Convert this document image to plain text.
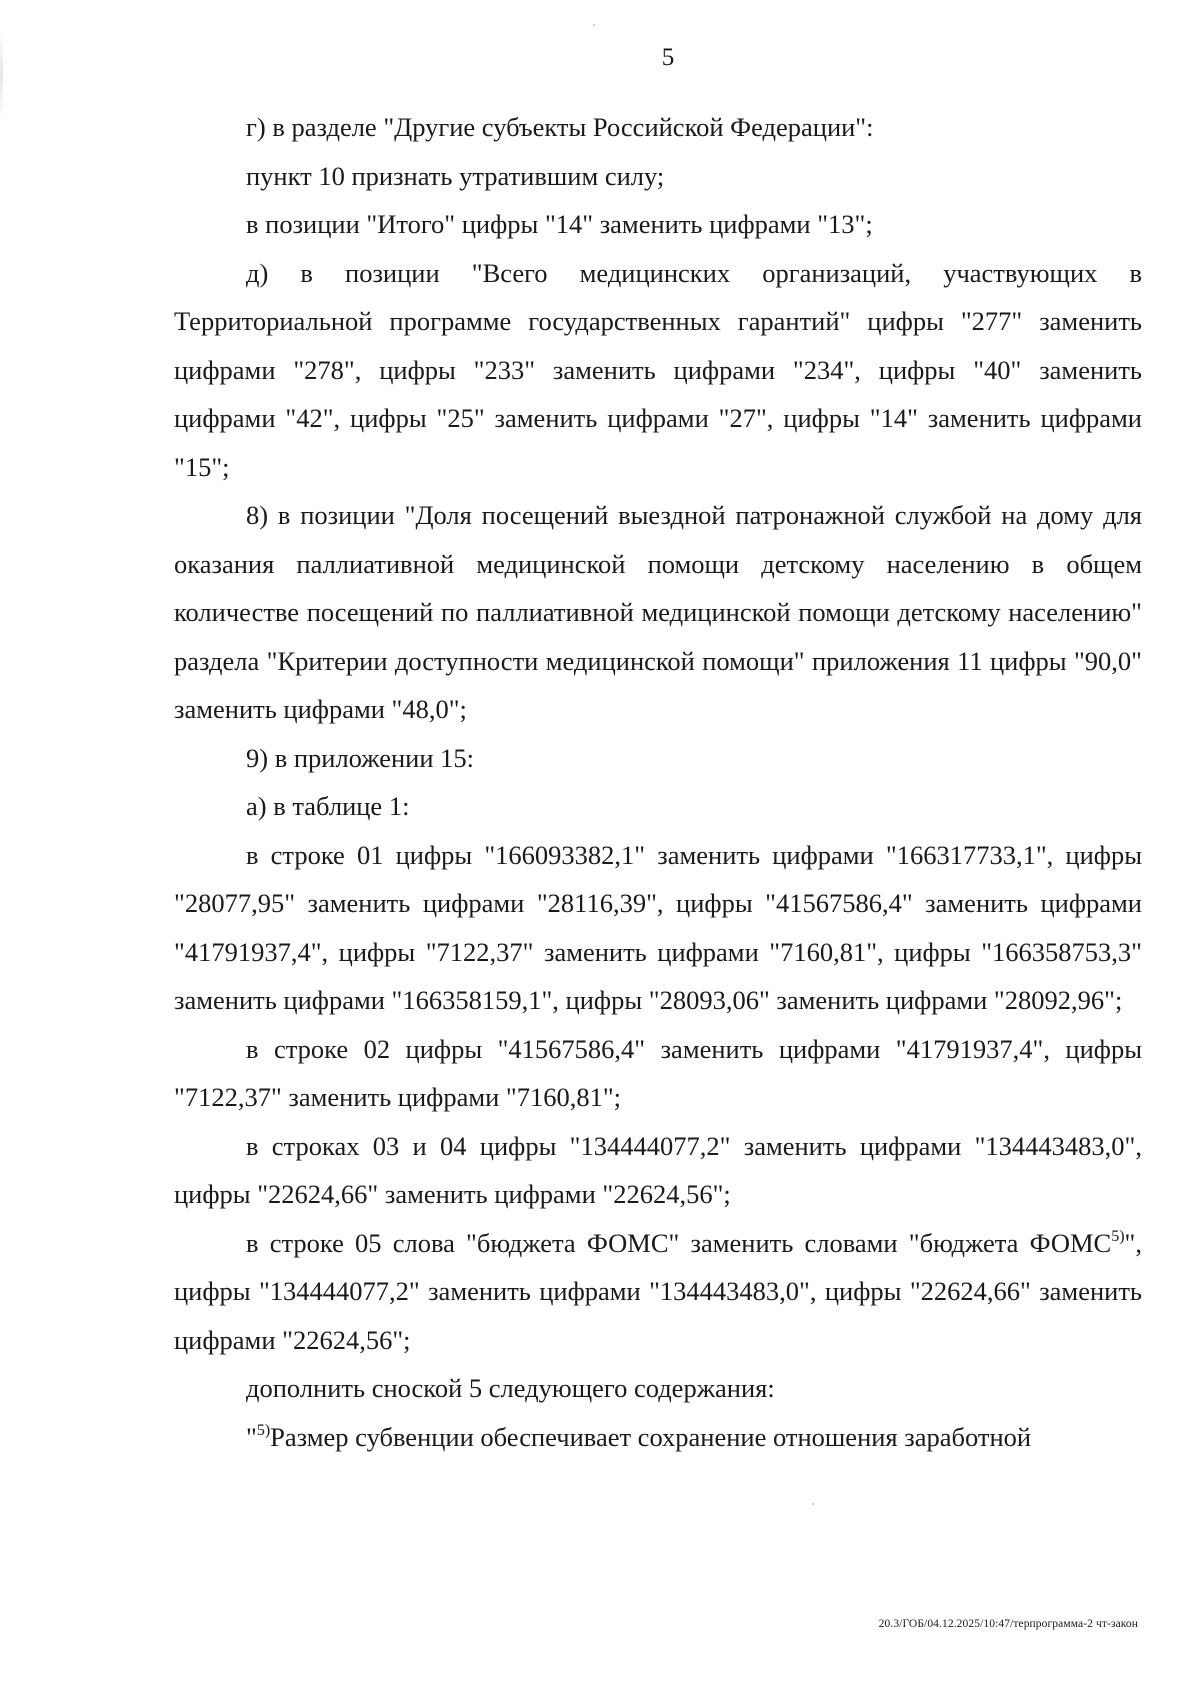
5

г) в разделе "Другие субъекты Российской Федерации":

пункт 10 признать утратившим силу;

в позиции "Итого" цифры "14" заменить цифрами "13";

д) в позиции "Всего медицинских организаций, участвующих в Территориальной программе государственных гарантий" цифры "277" заменить цифрами "278", цифры "233" заменить цифрами "234", цифры "40" заменить цифрами "42", цифры "25" заменить цифрами "27", цифры "14" заменить цифрами "15";

8) в позиции "Доля посещений выездной патронажной службой на дому для оказания паллиативной медицинской помощи детскому населению в общем количестве посещений по паллиативной медицинской помощи детскому населению" раздела "Критерии доступности медицинской помощи" приложения 11 цифры "90,0" заменить цифрами "48,0";

9) в приложении 15:

а) в таблице 1:

в строке 01 цифры "166093382,1" заменить цифрами "166317733,1", цифры "28077,95" заменить цифрами "28116,39", цифры "41567586,4" заменить цифрами "41791937,4", цифры "7122,37" заменить цифрами "7160,81", цифры "166358753,3" заменить цифрами "166358159,1", цифры "28093,06" заменить цифрами "28092,96";

в строке 02 цифры "41567586,4" заменить цифрами "41791937,4", цифры "7122,37" заменить цифрами "7160,81";

в строках 03 и 04 цифры "134444077,2" заменить цифрами "134443483,0", цифры "22624,66" заменить цифрами "22624,56";

в строке 05 слова "бюджета ФОМС" заменить словами "бюджета ФОМС$^{5)}$", цифры "134444077,2" заменить цифрами "134443483,0", цифры "22624,66" заменить цифрами "22624,56";

дополнить сноской 5 следующего содержания:

"$^{5)}$Размер субвенции обеспечивает сохранение отношения заработной

20.3/ГОБ/04.12.2025/10:47/терпрограмма-2 чт-закон
